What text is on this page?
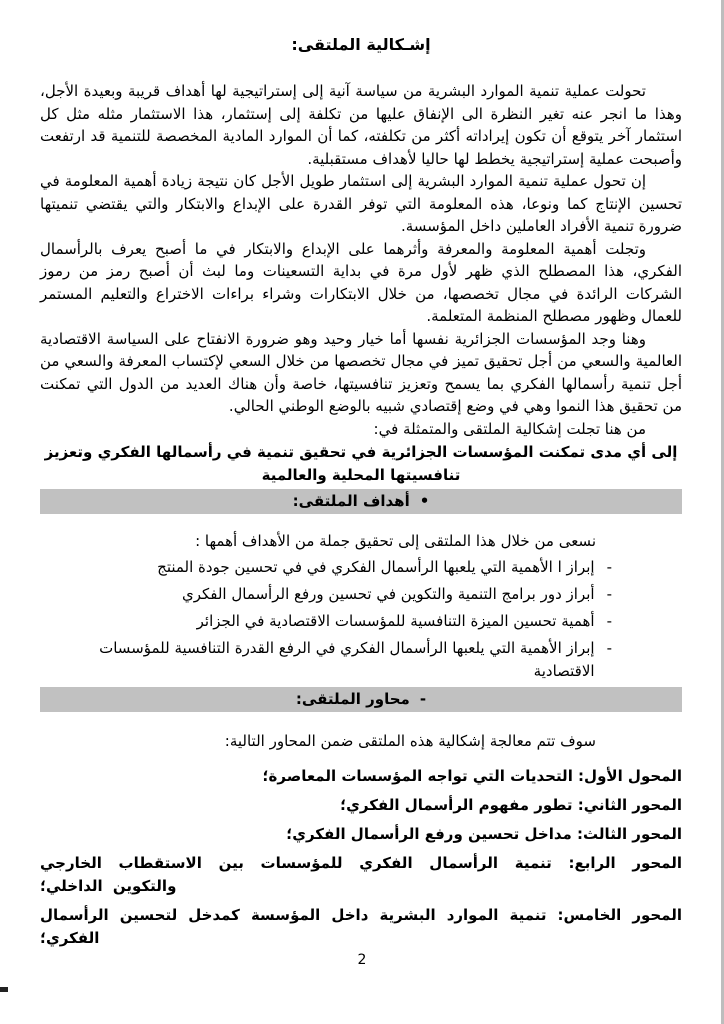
إشـكالية الملتقى:

تحولت عملية تنمية الموارد البشرية من سياسة آنية إلى إستراتيجية لها أهداف قريبة وبعيدة الأجل، وهذا ما انجر عنه تغير النظرة الى الإنفاق عليها من تكلفة إلى إستثمار، هذا الاستثمار مثله مثل كل استثمار آخر يتوقع أن تكون إيراداته أكثر من تكلفته، كما أن الموارد المادية المخصصة للتنمية قد ارتفعت وأصبحت عملية إستراتيجية يخطط لها حاليا لأهداف مستقبلية.

إن تحول عملية تنمية الموارد البشرية إلى استثمار طويل الأجل كان نتيجة زيادة أهمية المعلومة في تحسين الإنتاج كما ونوعا، هذه المعلومة التي توفر القدرة على الإبداع والابتكار والتي يقتضي تنميتها ضرورة تنمية الأفراد العاملين داخل المؤسسة.

وتجلت أهمية المعلومة والمعرفة وأثرهما على الإبداع والابتكار في ما أصبح يعرف بالرأسمال الفكري، هذا المصطلح الذي ظهر لأول مرة في بداية التسعينات وما لبث أن أصبح رمز من رموز الشركات الرائدة في مجال تخصصها، من خلال الابتكارات وشراء براءات الاختراع والتعليم المستمر للعمال وظهور مصطلح المنظمة المتعلمة.

وهنا وجد المؤسسات الجزائرية نفسها أما خيار وحيد وهو ضرورة الانفتاح على السياسة الاقتصادية العالمية والسعي من أجل تحقيق تميز في مجال تخصصها من خلال السعي لإكتساب المعرفة والسعي من أجل تنمية رأسمالها الفكري بما يسمح وتعزيز تنافسيتها، خاصة وأن هناك العديد من الدول التي تمكنت من تحقيق هذا النموا وهي في وضع إقتصادي شبيه بالوضع الوطني الحالي.

من هنا تجلت إشكالية الملتقى والمتمثلة في:

إلى أي مدى تمكنت المؤسسات الجزائرية في تحقيق تنمية في رأسمالها الفكري وتعزيز تنافسيتها المحلية والعالمية

•أهداف الملتقى:

نسعى من خلال هذا الملتقى إلى تحقيق جملة من الأهداف أهمها :

-
إبراز ا الأهمية التي يلعبها الرأسمال الفكري في في تحسين جودة المنتج
-
أبراز دور برامج التنمية والتكوين في تحسين ورفع الرأسمال الفكري
-
أهمية تحسين الميزة التنافسية للمؤسسات الاقتصادية في الجزائر
-
إبراز الأهمية التي يلعبها الرأسمال الفكري في الرفع القدرة التنافسية للمؤسسات الاقتصادية
-محاور الملتقى:

سوف تتم معالجة إشكالية هذه الملتقى ضمن المحاور التالية:

المحول الأول: التحديات التي تواجه المؤسسات المعاصرة؛

المحور الثاني: تطور مفهوم الرأسمال الفكري؛

المحور الثالث: مداخل تحسين ورفع الرأسمال الفكري؛

المحور الرابع: تنمية الرأسمال الفكري للمؤسسات بين الاستقطاب الخارجي والتكوين الداخلي؛

المحور الخامس: تنمية الموارد البشرية داخل المؤسسة كمدخل لتحسين الرأسمال الفكري؛

2
